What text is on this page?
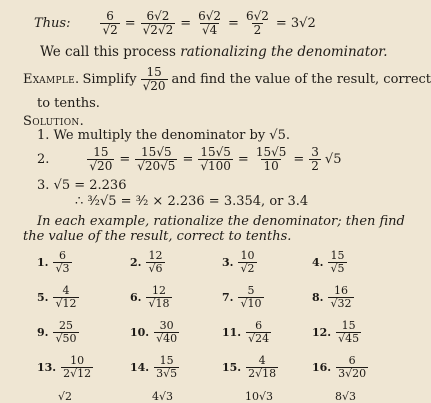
Thus:	$\frac{6}{√2} = \frac{6√2}{√2√2} = \frac{6√2}{√4} = \frac{6√2}{2} = 3√2$
We call this process rationalizing the denominator.
Example. Simplify $\frac{15}{√20}$ and find the value of the result, correct
to tenths.
Solution.
1. We multiply the denominator by √5.
2.	$\frac{15}{√20} = \frac{15√5}{√20√5} = \frac{15√5}{√100} = \frac{15√5}{10} = \frac{3}{2} √5$
3. √5 = 2.236
∴ ³⁄₂√5 = ³⁄₂ × 2.236 = 3.354, or 3.4
In each example, rationalize the denominator; then find
the value of the result, correct to tenths.
1. $\frac{6}{√3}$	2. $\frac{12}{√6}$	3. $\frac{10}{√2}$	4. $\frac{15}{√5}$
5. $\frac{4}{√12}$	6. $\frac{12}{√18}$	7. $\frac{5}{√10}$	8. $\frac{16}{√32}$
9. $\frac{25}{√50}$	10. $\frac{30}{√40}$	11. $\frac{6}{√24}$	12. $\frac{15}{√45}$
13. $\frac{10}{2√12}$	14. $\frac{15}{3√5}$	15. $\frac{4}{2√18}$	16. $\frac{6}{3√20}$
√2	4√3	10√3	8√3
